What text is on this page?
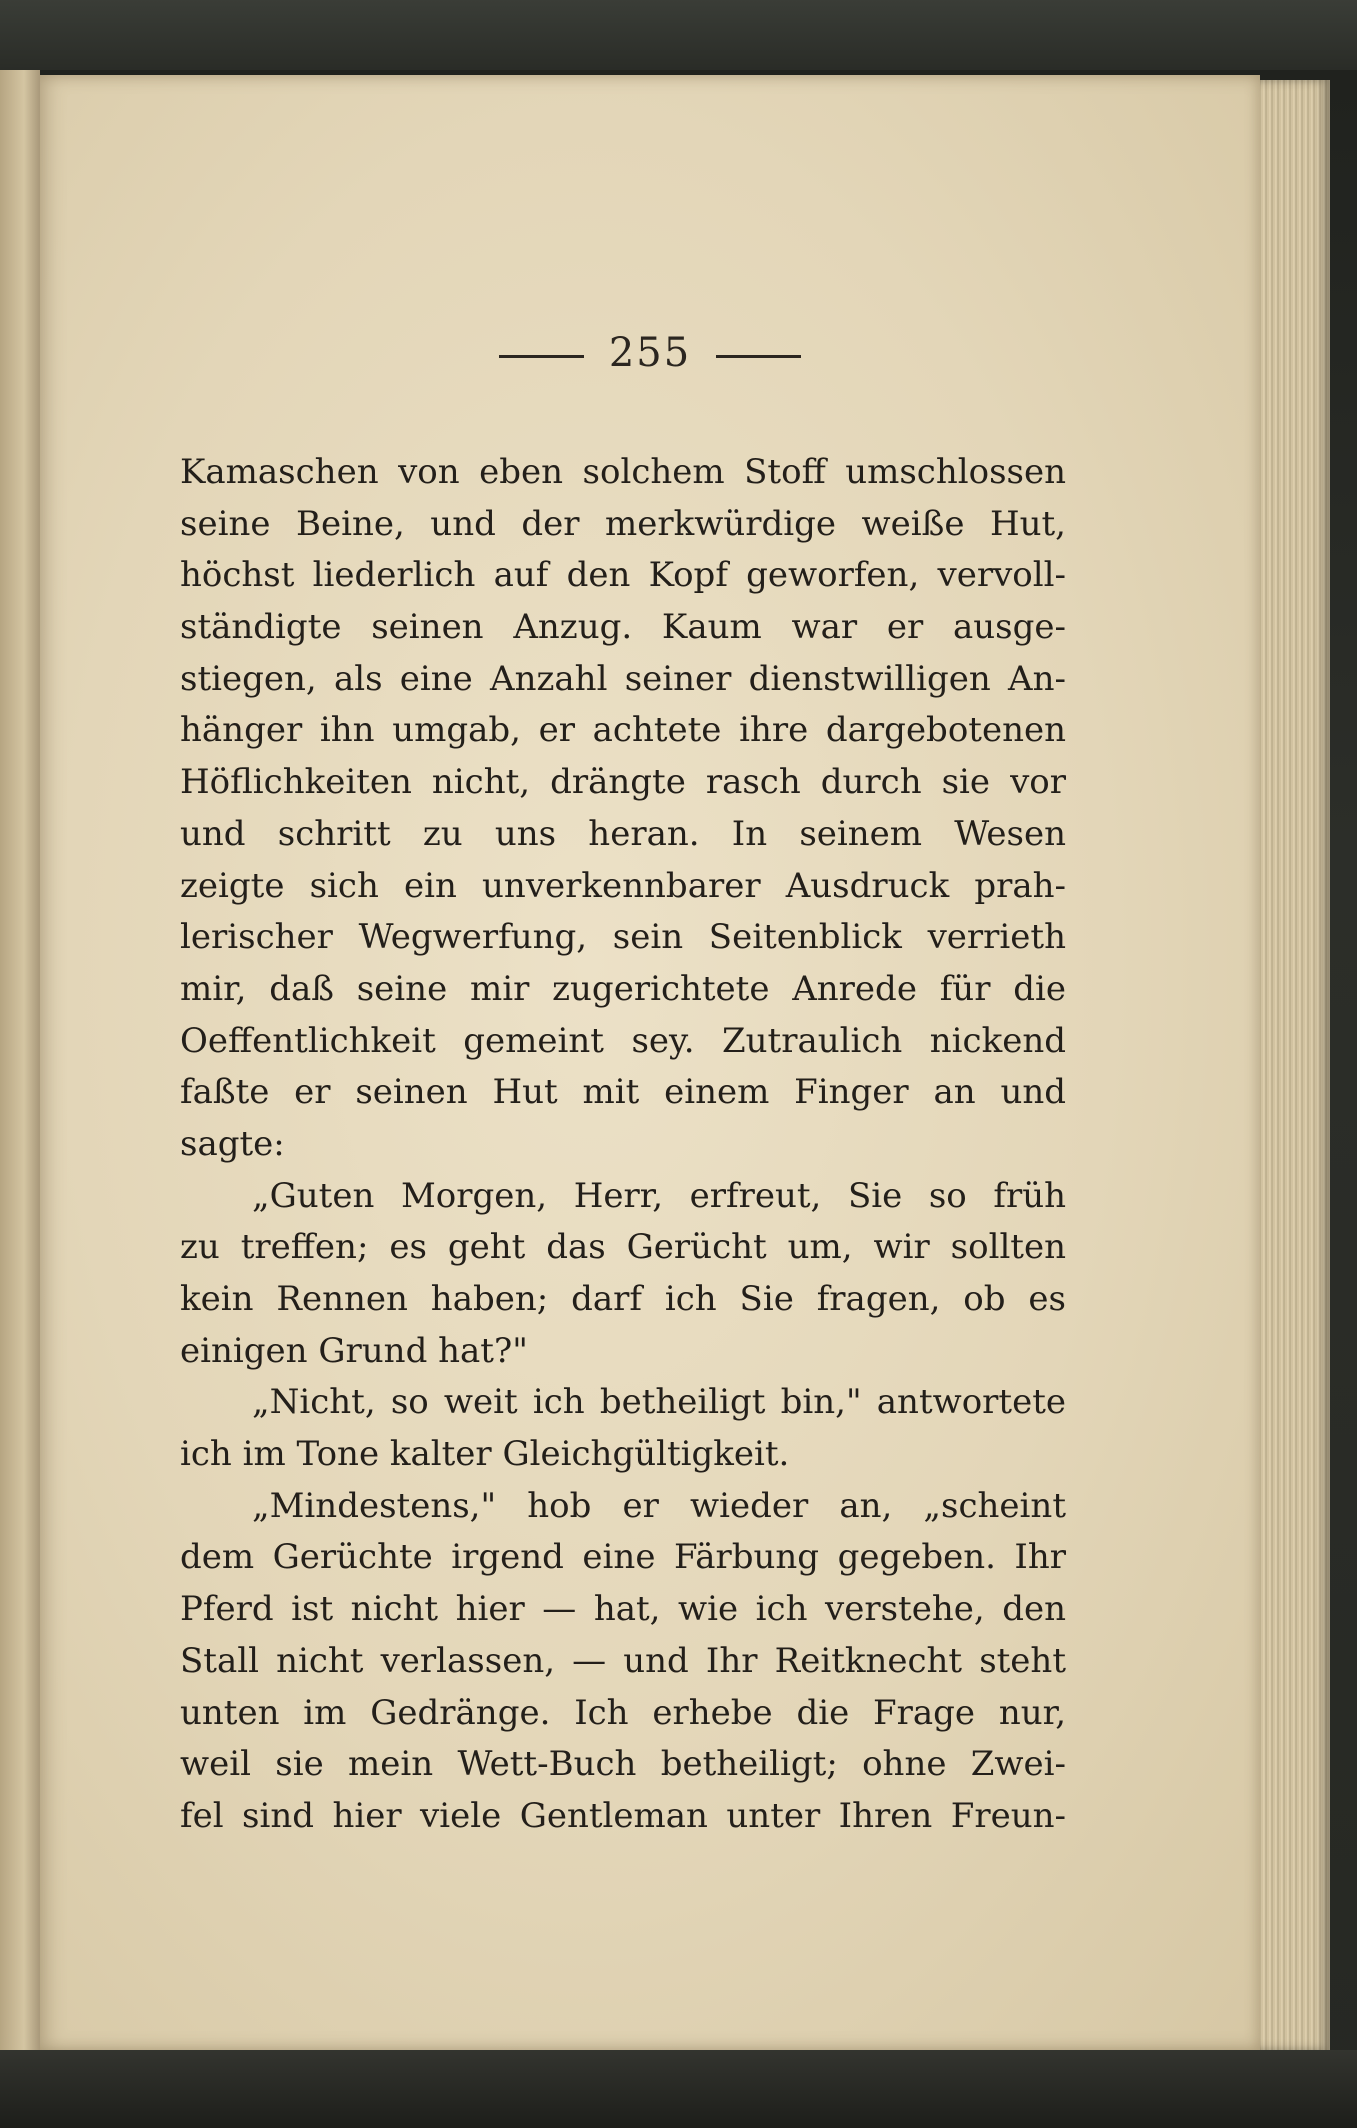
255
Kamaschen von eben solchem Stoff umschlossen
seine Beine, und der merkwürdige weiße Hut,
höchst liederlich auf den Kopf geworfen, vervoll-
ständigte seinen Anzug. Kaum war er ausge-
stiegen, als eine Anzahl seiner dienstwilligen An-
hänger ihn umgab, er achtete ihre dargebotenen
Höflichkeiten nicht, drängte rasch durch sie vor
und schritt zu uns heran. In seinem Wesen
zeigte sich ein unverkennbarer Ausdruck prah-
lerischer Wegwerfung, sein Seitenblick verrieth
mir, daß seine mir zugerichtete Anrede für die
Oeffentlichkeit gemeint sey. Zutraulich nickend
faßte er seinen Hut mit einem Finger an und
sagte:
„Guten Morgen, Herr, erfreut, Sie so früh
zu treffen; es geht das Gerücht um, wir sollten
kein Rennen haben; darf ich Sie fragen, ob es
einigen Grund hat?"
„Nicht, so weit ich betheiligt bin," antwortete
ich im Tone kalter Gleichgültigkeit.
„Mindestens," hob er wieder an, „scheint
dem Gerüchte irgend eine Färbung gegeben. Ihr
Pferd ist nicht hier — hat, wie ich verstehe, den
Stall nicht verlassen, — und Ihr Reitknecht steht
unten im Gedränge. Ich erhebe die Frage nur,
weil sie mein Wett-Buch betheiligt; ohne Zwei-
fel sind hier viele Gentleman unter Ihren Freun-
